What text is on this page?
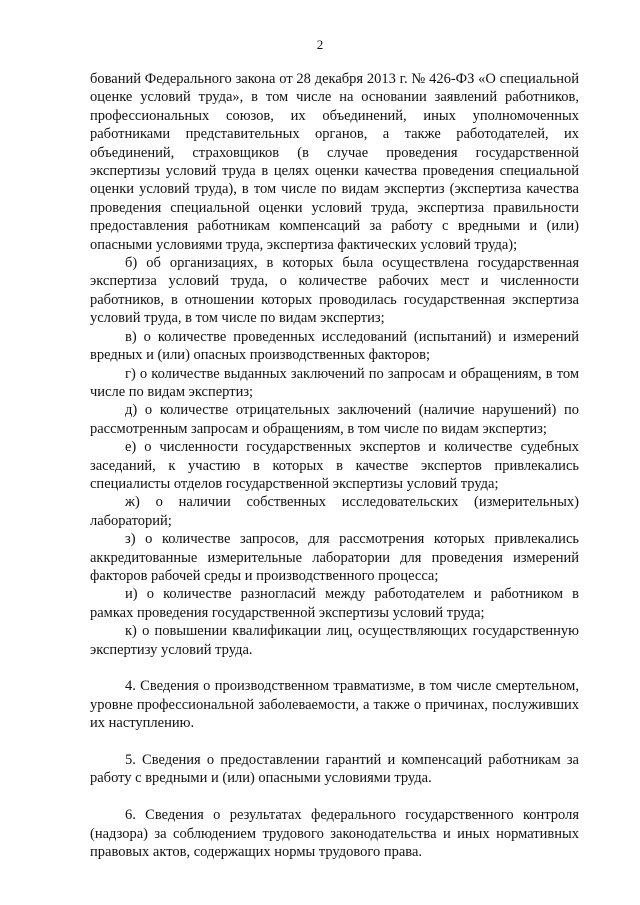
2

бований Федерального закона от 28 декабря 2013 г. № 426-ФЗ «О специальной оценке условий труда», в том числе на основании заявлений работников, профессиональных союзов, их объединений, иных уполномоченных работниками представительных органов, а также работодателей, их объединений, страховщиков (в случае проведения государственной экспертизы условий труда в целях оценки качества проведения специальной оценки условий труда), в том числе по видам экспертиз (экспертиза качества проведения специальной оценки условий труда, экспертиза правильности предоставления работникам компенсаций за работу с вредными и (или) опасными условиями труда, экспертиза фактических условий труда);

б) об организациях, в которых была осуществлена государственная экспертиза условий труда, о количестве рабочих мест и численности работников, в отношении которых проводилась государственная экспертиза условий труда, в том числе по видам экспертиз;

в) о количестве проведенных исследований (испытаний) и измерений вредных и (или) опасных производственных факторов;

г) о количестве выданных заключений по запросам и обращениям, в том числе по видам экспертиз;

д) о количестве отрицательных заключений (наличие нарушений) по рассмотренным запросам и обращениям, в том числе по видам экспертиз;

е) о численности государственных экспертов и количестве судебных заседаний, к участию в которых в качестве экспертов привлекались специалисты отделов государственной экспертизы условий труда;

ж) о наличии собственных исследовательских (измерительных) лабораторий;

з) о количестве запросов, для рассмотрения которых привлекались аккредитованные измерительные лаборатории для проведения измерений факторов рабочей среды и производственного процесса;

и) о количестве разногласий между работодателем и работником в рамках проведения государственной экспертизы условий труда;

к) о повышении квалификации лиц, осуществляющих государственную экспертизу условий труда.

4. Сведения о производственном травматизме, в том числе смертельном, уровне профессиональной заболеваемости, а также о причинах, послуживших их наступлению.

5. Сведения о предоставлении гарантий и компенсаций работникам за работу с вредными и (или) опасными условиями труда.

6. Сведения о результатах федерального государственного контроля (надзора) за соблюдением трудового законодательства и иных нормативных правовых актов, содержащих нормы трудового права.
